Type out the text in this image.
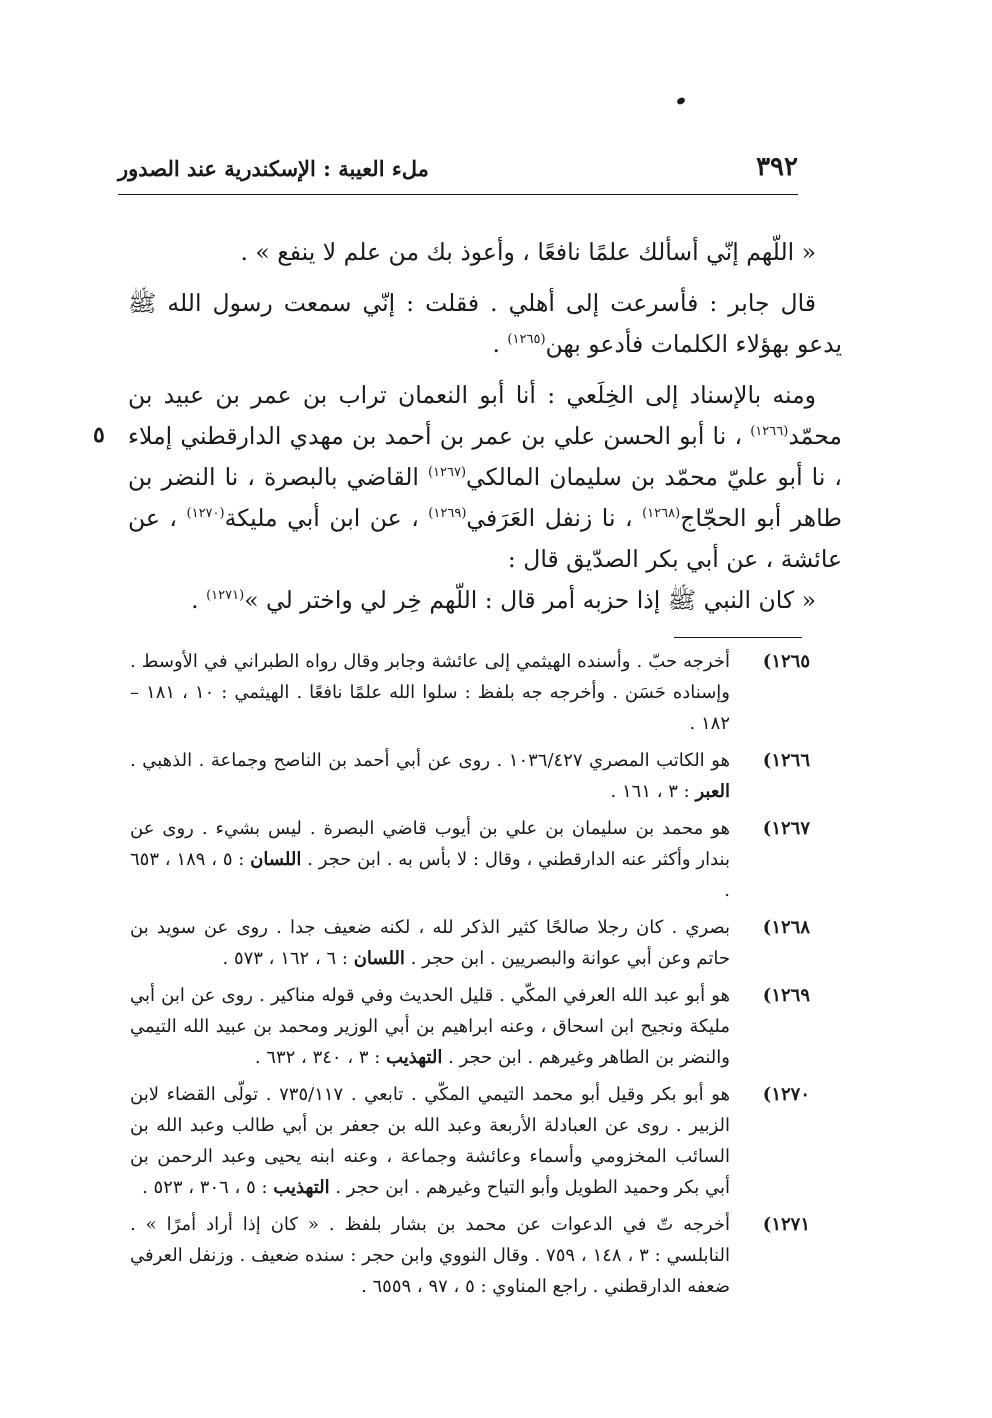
٣٩٢
ملء العيبة : الإسكندرية عند الصدور
٥

« اللّهم إنّي أسألك علمًا نافعًا ، وأعوذ بك من علم لا ينفع » .

قال جابر : فأسرعت إلى أهلي . فقلت : إنّي سمعت رسول الله ﷺ يدعو بهؤلاء الكلمات فأدعو بهن$^{(١٢٦٥)}$ .

ومنه بالإسناد إلى الخِلَعي : أنا أبو النعمان تراب بن عمر بن عبيد بن محمّد$^{(١٢٦٦)}$ ، نا أبو الحسن علي بن عمر بن أحمد بن مهدي الدارقطني إملاء ، نا أبو عليّ محمّد بن سليمان المالكي$^{(١٢٦٧)}$ القاضي بالبصرة ، نا النضر بن طاهر أبو الحجّاج$^{(١٢٦٨)}$ ، نا زنفل العَرَفي$^{(١٢٦٩)}$ ، عن ابن أبي مليكة$^{(١٢٧٠)}$ ، عن عائشة ، عن أبي بكر الصدّيق قال :

« كان النبي ﷺ إذا حزبه أمر قال : اللّهم خِر لي واختر لي »$^{(١٢٧١)}$ .

١٢٦٥)
أخرجه حبّ . وأسنده الهيثمي إلى عائشة وجابر وقال رواه الطبراني في الأوسط . وإسناده حَسَن . وأخرجه جه بلفظ : سلوا الله علمًا نافعًا . الهيثمي : ١٠ ، ١٨١ – ١٨٢ .
١٢٦٦)
هو الكاتب المصري ١٠٣٦/٤٢٧ . روى عن أبي أحمد بن الناصح وجماعة . الذهبي . العبر : ٣ ، ١٦١ .
١٢٦٧)
هو محمد بن سليمان بن علي بن أيوب قاضي البصرة . ليس بشيء . روى عن بندار وأكثر عنه الدارقطني ، وقال : لا بأس به . ابن حجر . اللسان : ٥ ، ١٨٩ ، ٦٥٣ .
١٢٦٨)
بصري . كان رجلا صالحًا كثير الذكر لله ، لكنه ضعيف جدا . روى عن سويد بن حاتم وعن أبي عوانة والبصريين . ابن حجر . اللسان : ٦ ، ١٦٢ ، ٥٧٣ .
١٢٦٩)
هو أبو عبد الله العرفي المكّي . قليل الحديث وفي قوله مناكير . روى عن ابن أبي مليكة ونجيح ابن اسحاق ، وعنه ابراهيم بن أبي الوزير ومحمد بن عبيد الله التيمي والنضر بن الطاهر وغيرهم . ابن حجر . التهذيب : ٣ ، ٣٤٠ ، ٦٣٢ .
١٢٧٠)
هو أبو بكر وقيل أبو محمد التيمي المكّي . تابعي . ٧٣٥/١١٧ . تولّى القضاء لابن الزبير . روى عن العبادلة الأربعة وعبد الله بن جعفر بن أبي طالب وعبد الله بن السائب المخزومي وأسماء وعائشة وجماعة ، وعنه ابنه يحيى وعبد الرحمن بن أبي بكر وحميد الطويل وأبو التياح وغيرهم . ابن حجر . التهذيب : ٥ ، ٣٠٦ ، ٥٢٣ .
١٢٧١)
أخرجه تّ في الدعوات عن محمد بن بشار بلفظ . « كان إذا أراد أمرًا » . النابلسي : ٣ ، ١٤٨ ، ٧٥٩ . وقال النووي وابن حجر : سنده ضعيف . وزنفل العرفي ضعفه الدارقطني . راجع المناوي : ٥ ، ٩٧ ، ٦٥٥٩ .
